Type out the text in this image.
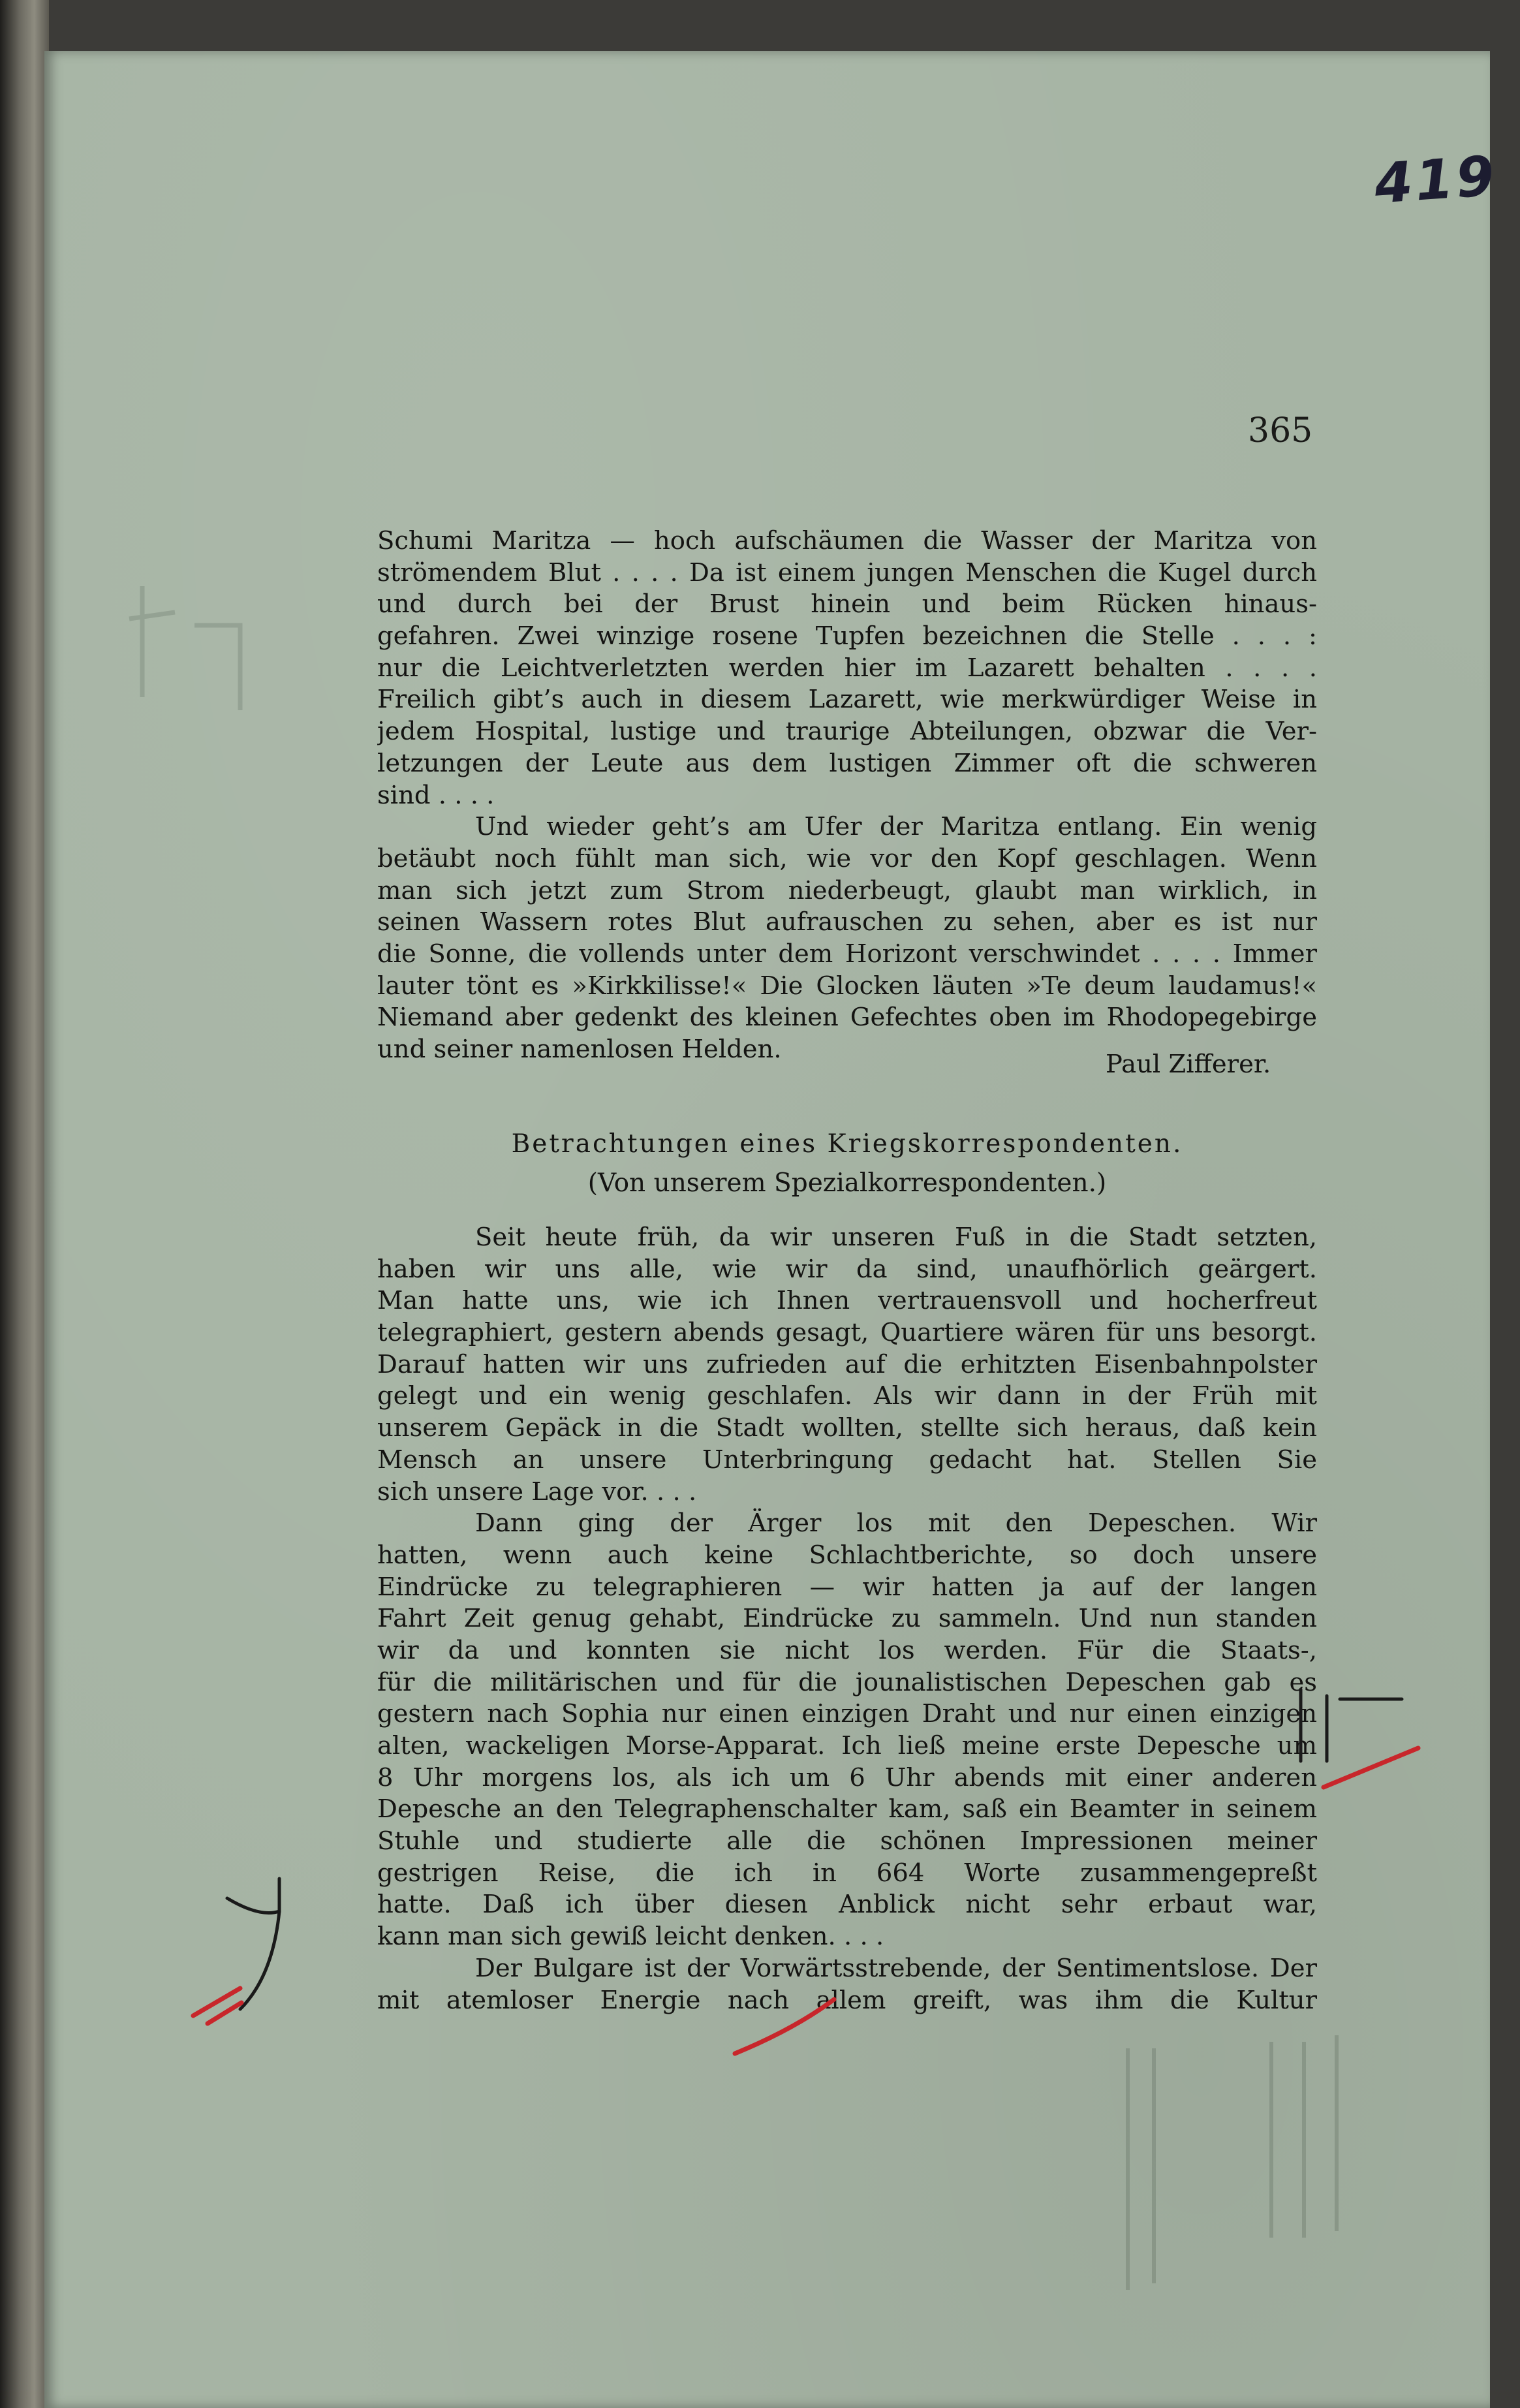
419
365
Schumi Maritza — hoch aufschäumen die Wasser der Maritza von
strömendem Blut . . . . Da ist einem jungen Menschen die Kugel durch
und durch bei der Brust hinein und beim Rücken hinaus-
gefahren. Zwei winzige rosene Tupfen bezeichnen die Stelle . . . :
nur die Leichtverletzten werden hier im Lazarett behalten . . . .
Freilich gibt’s auch in diesem Lazarett, wie merkwürdiger Weise in
jedem Hospital, lustige und traurige Abteilungen, obzwar die Ver-
letzungen der Leute aus dem lustigen Zimmer oft die schweren
sind . . . .
Und wieder geht’s am Ufer der Maritza entlang. Ein wenig
betäubt noch fühlt man sich, wie vor den Kopf geschlagen. Wenn
man sich jetzt zum Strom niederbeugt, glaubt man wirklich, in
seinen Wassern rotes Blut aufrauschen zu sehen, aber es ist nur
die Sonne, die vollends unter dem Horizont verschwindet . . . . Immer
lauter tönt es »Kirkkilisse!« Die Glocken läuten »Te deum laudamus!«
Niemand aber gedenkt des kleinen Gefechtes oben im Rhodopegebirge
und seiner namenlosen Helden.
Paul Zifferer.
Betrachtungen eines Kriegskorrespondenten.
(Von unserem Spezialkorrespondenten.)
Seit heute früh, da wir unseren Fuß in die Stadt setzten,
haben wir uns alle, wie wir da sind, unaufhörlich geärgert.
Man hatte uns, wie ich Ihnen vertrauensvoll und hocherfreut
telegraphiert, gestern abends gesagt, Quartiere wären für uns besorgt.
Darauf hatten wir uns zufrieden auf die erhitzten Eisenbahnpolster
gelegt und ein wenig geschlafen. Als wir dann in der Früh mit
unserem Gepäck in die Stadt wollten, stellte sich heraus, daß kein
Mensch an unsere Unterbringung gedacht hat. Stellen Sie
sich unsere Lage vor. . . .
Dann ging der Ärger los mit den Depeschen. Wir
hatten, wenn auch keine Schlachtberichte, so doch unsere
Eindrücke zu telegraphieren — wir hatten ja auf der langen
Fahrt Zeit genug gehabt, Eindrücke zu sammeln. Und nun standen
wir da und konnten sie nicht los werden. Für die Staats-,
für die militärischen und für die jounalistischen Depeschen gab es
gestern nach Sophia nur einen einzigen Draht und nur einen einzigen
alten, wackeligen Morse-Apparat. Ich ließ meine erste Depesche um
8 Uhr morgens los, als ich um 6 Uhr abends mit einer anderen
Depesche an den Telegraphenschalter kam, saß ein Beamter in seinem
Stuhle und studierte alle die schönen Impressionen meiner
gestrigen Reise, die ich in 664 Worte zusammengepreßt
hatte. Daß ich über diesen Anblick nicht sehr erbaut war,
kann man sich gewiß leicht denken. . . .
Der Bulgare ist der Vorwärtsstrebende, der Sentimentslose. Der
mit atemloser Energie nach allem greift, was ihm die Kultur
